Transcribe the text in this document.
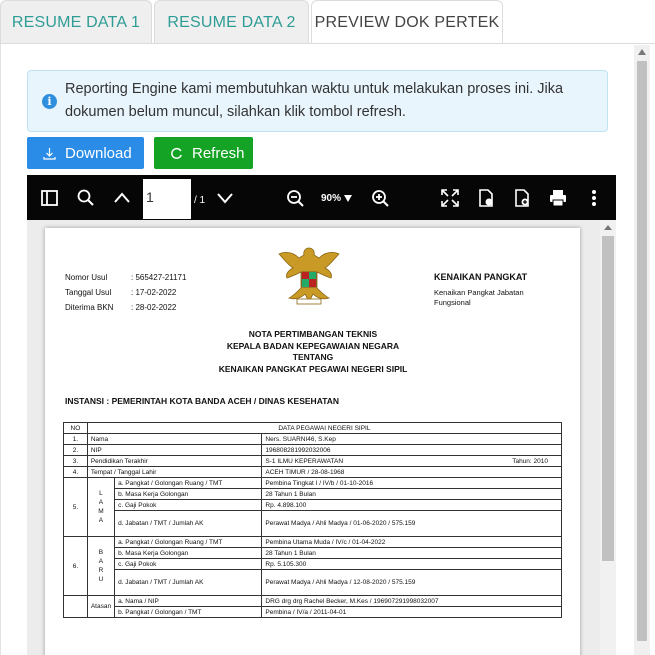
RESUME DATA 1	RESUME DATA 2	PREVIEW DOK PERTEK
i
Reporting Engine kami membutuhkan waktu untuk melakukan proses ini. Jika dokumen belum muncul, silahkan klik tombol refresh.
Download	Refresh
1	/ 1	90%
Nomor Usul	: 565427-21171
Tanggal Usul : 17-02-2022
Diterima BKN : 28-02-2022
KENAIKAN PANGKAT
Kenaikan Pangkat Jabatan Fungsional
NOTA PERTIMBANGAN TEKNIS
KEPALA BADAN KEPEGAWAIAN NEGARA
TENTANG
KENAIKAN PANGKAT PEGAWAI NEGERI SIPIL
INSTANSI : PEMERINTAH KOTA BANDA ACEH / DINAS KESEHATAN
NO	DATA PEGAWAI NEGERI SIPIL		
1.	Nama		Ners. SUARNI46, S.Kep
2.	NIP		196808281992032006
3.	Pendidikan Terakhir		S-1 ILMU KEPERAWATAN Tahun: 2010

4.	Tempat / Tanggal Lahir		ACEH TIMUR / 28-08-1968
5.	L A M A	a. Pangkat / Golongan Ruang / TMT	Pembina Tingkat I / IV/b / 01-10-2016
		b. Masa Kerja Golongan	28 Tahun 1 Bulan
		c. Gaji Pokok	Rp. 4.898.100
		d. Jabatan / TMT / Jumlah AK	Perawat Madya / Ahli Madya / 01-06-2020 / 575.159
6.	B A R U	a. Pangkat / Golongan Ruang / TMT	Pembina Utama Muda / IV/c / 01-04-2022
		b. Masa Kerja Golongan	28 Tahun 1 Bulan
		c. Gaji Pokok	Rp. 5.105.300
		d. Jabatan / TMT / Jumlah AK	Perawat Madya / Ahli Madya / 12-08-2020 / 575.159
	Atasan	a. Nama / NIP	DRG drg drg Rachel Becker, M.Kes / 196907291998032007
		b. Pangkat / Golongan / TMT	Pembina / IV/a / 2011-04-01
